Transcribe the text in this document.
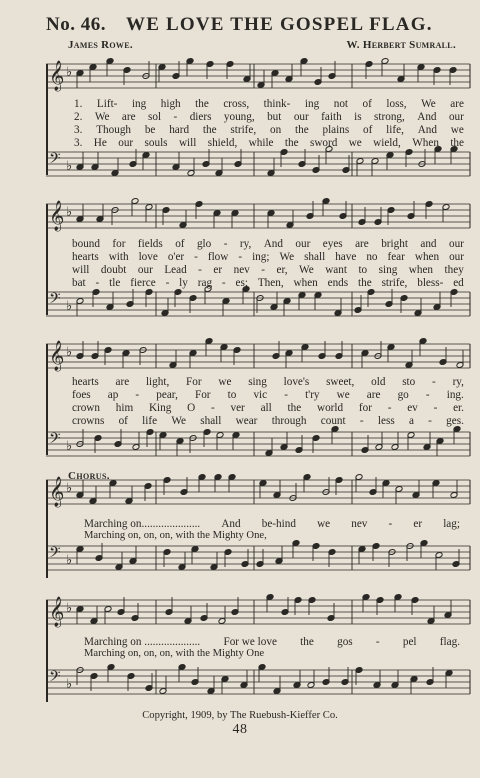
No. 46. WE LOVE THE GOSPEL FLAG.
James Rowe.	W. Herbert Sumrall.
𝄞 ♭
𝄢 ♭
1. Lift- ing high the cross, think- ing not of loss, We are
2. We are sol - diers young, but our faith is strong, And our
3. Though be hard the strife, on the plains of life, And we
3. He our souls will shield, while the sword we wield, When the
𝄞 ♭
𝄢 ♭
bound for fields of glo - ry, And our eyes are bright and our
hearts with love o'er - flow - ing; We shall have no fear when our
will doubt our Lead - er nev - er, We want to sing when they
bat - tle fierce - ly rag - es; Then, when ends the strife, bless- ed
𝄞 ♭
𝄢 ♭
hearts are light, For we sing love's sweet, old sto - ry,
foes ap - pear, For to vic - t'ry we are go - ing.
crown him King O - ver all the world for - ev - er.
crowns of life We shall wear through count - less a - ges.
Chorus.
𝄞 ♭
𝄢 ♭
Marching on..................... And be-hind we nev - er lag;
Marching on, on, on, with the Mighty One,
𝄞 ♭
𝄢 ♭
Marching on .................... For we love the gos - pel flag.
Marching on, on, on, with the Mighty One
Copyright, 1909, by The Ruebush-Kieffer Co.
48
